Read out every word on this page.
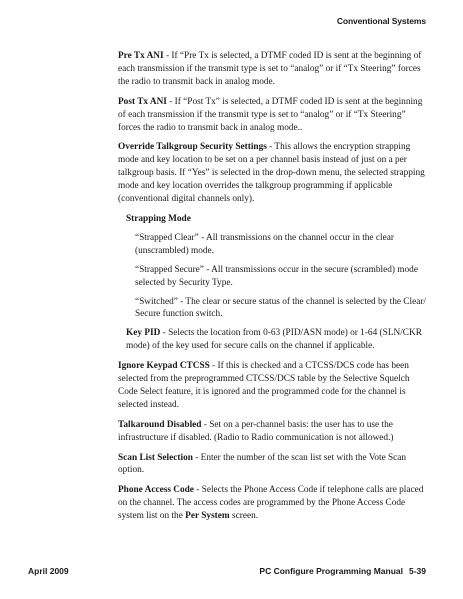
Conventional Systems

Pre Tx ANI - If “Pre Tx is selected, a DTMF coded ID is sent at the beginning of each transmission if the transmit type is set to “analog” or if “Tx Steering” forces the radio to transmit back in analog mode.

Post Tx ANI - If “Post Tx” is selected, a DTMF coded ID is sent at the beginning of each transmission if the transmit type is set to “analog” or if “Tx Steering” forces the radio to transmit back in analog mode..

Override Talkgroup Security Settings - This allows the encryption strapping mode and key location to be set on a per channel basis instead of just on a per talkgroup basis. If “Yes” is selected in the drop-down menu, the selected strapping mode and key location overrides the talkgroup programming if applicable (conventional digital channels only).

Strapping Mode

“Strapped Clear” - All transmissions on the channel occur in the clear (unscrambled) mode.

“Strapped Secure” - All transmissions occur in the secure (scrambled) mode selected by Security Type.

“Switched” - The clear or secure status of the channel is selected by the Clear/ Secure function switch.

Key PID - Selects the location from 0-63 (PID/ASN mode) or 1-64 (SLN/CKR mode) of the key used for secure calls on the channel if applicable.

Ignore Keypad CTCSS - If this is checked and a CTCSS/DCS code has been selected from the preprogrammed CTCSS/DCS table by the Selective Squelch Code Select feature, it is ignored and the programmed code for the channel is selected instead.

Talkaround Disabled - Set on a per-channel basis: the user has to use the infrastructure if disabled. (Radio to Radio communication is not allowed.)

Scan List Selection - Enter the number of the scan list set with the Vote Scan option.

Phone Access Code - Selects the Phone Access Code if telephone calls are placed on the channel. The access codes are programmed by the Phone Access Code system list on the Per System screen.

April 2009	PC Configure Programming Manual 5-39
